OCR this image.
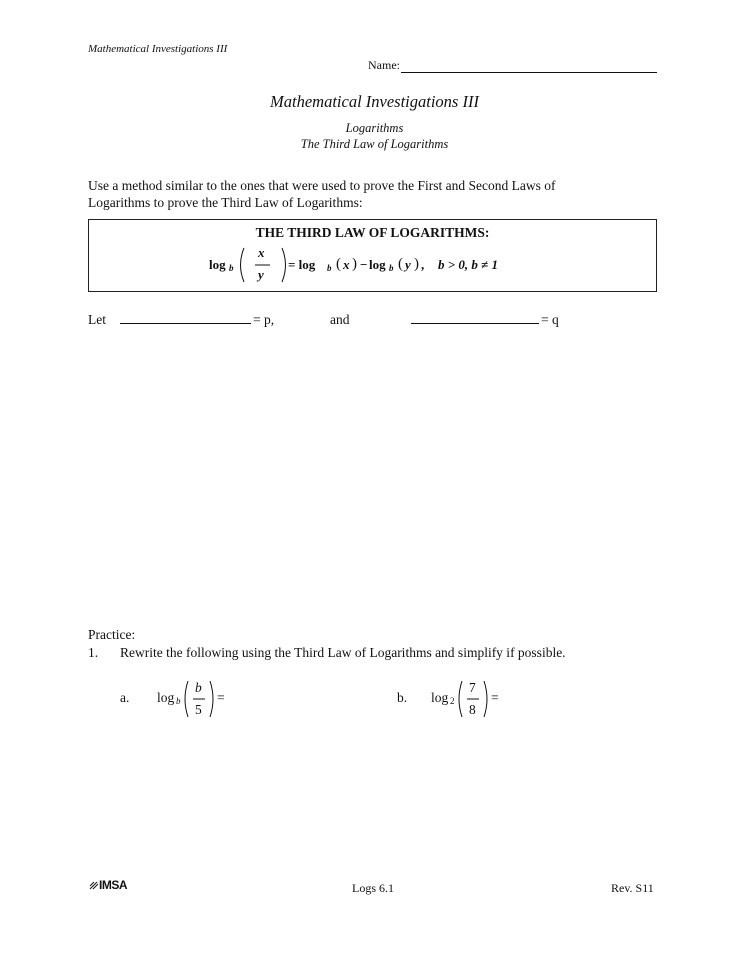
Mathematical Investigations III
Name:
Mathematical Investigations III
Logarithms
The Third Law of Logarithms
Use a method similar to the ones that were used to prove the First and Second Laws of
Logarithms to prove the Third Law of Logarithms:
THE THIRD LAW OF LOGARITHMS:
log b
x
y
= log b ( x ) − log b ( y ) , b > 0, b ≠ 1
Let	= p,	and	= q
Practice:
1. Rewrite the following using the Third Law of Logarithms and simplify if possible.
a. log b
b
5
=	b. log 2
7
8
=
IMSA	Logs 6.1	Rev. S11
